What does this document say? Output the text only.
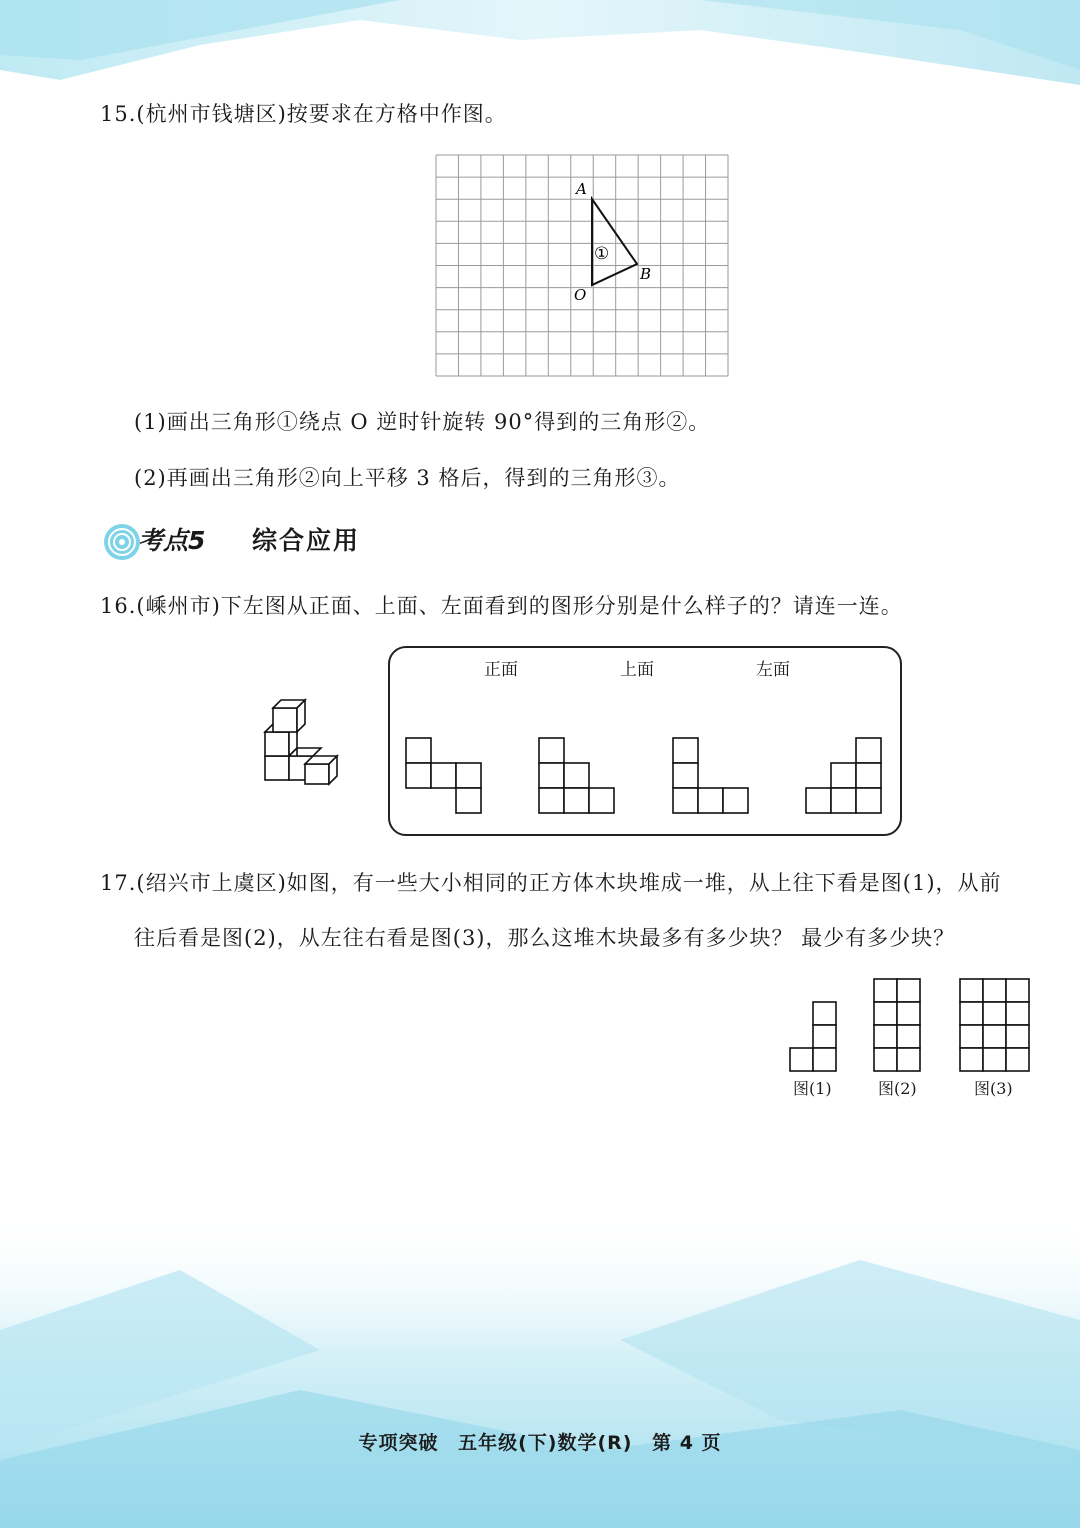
15.(杭州市钱塘区)按要求在方格中作图。
A
B
O
①
(1)画出三角形①绕点 O 逆时针旋转 90°得到的三角形②。
(2)再画出三角形②向上平移 3 格后，得到的三角形③。
考点5 综合应用
16.(嵊州市)下左图从正面、上面、左面看到的图形分别是什么样子的？请连一连。
正面	上面	左面
17.(绍兴市上虞区)如图，有一些大小相同的正方体木块堆成一堆，从上往下看是图(1)，从前
往后看是图(2)，从左往右看是图(3)，那么这堆木块最多有多少块？ 最少有多少块？
图(1)	图(2)	图(3)
专项突破 五年级(下)数学(R) 第 4 页
